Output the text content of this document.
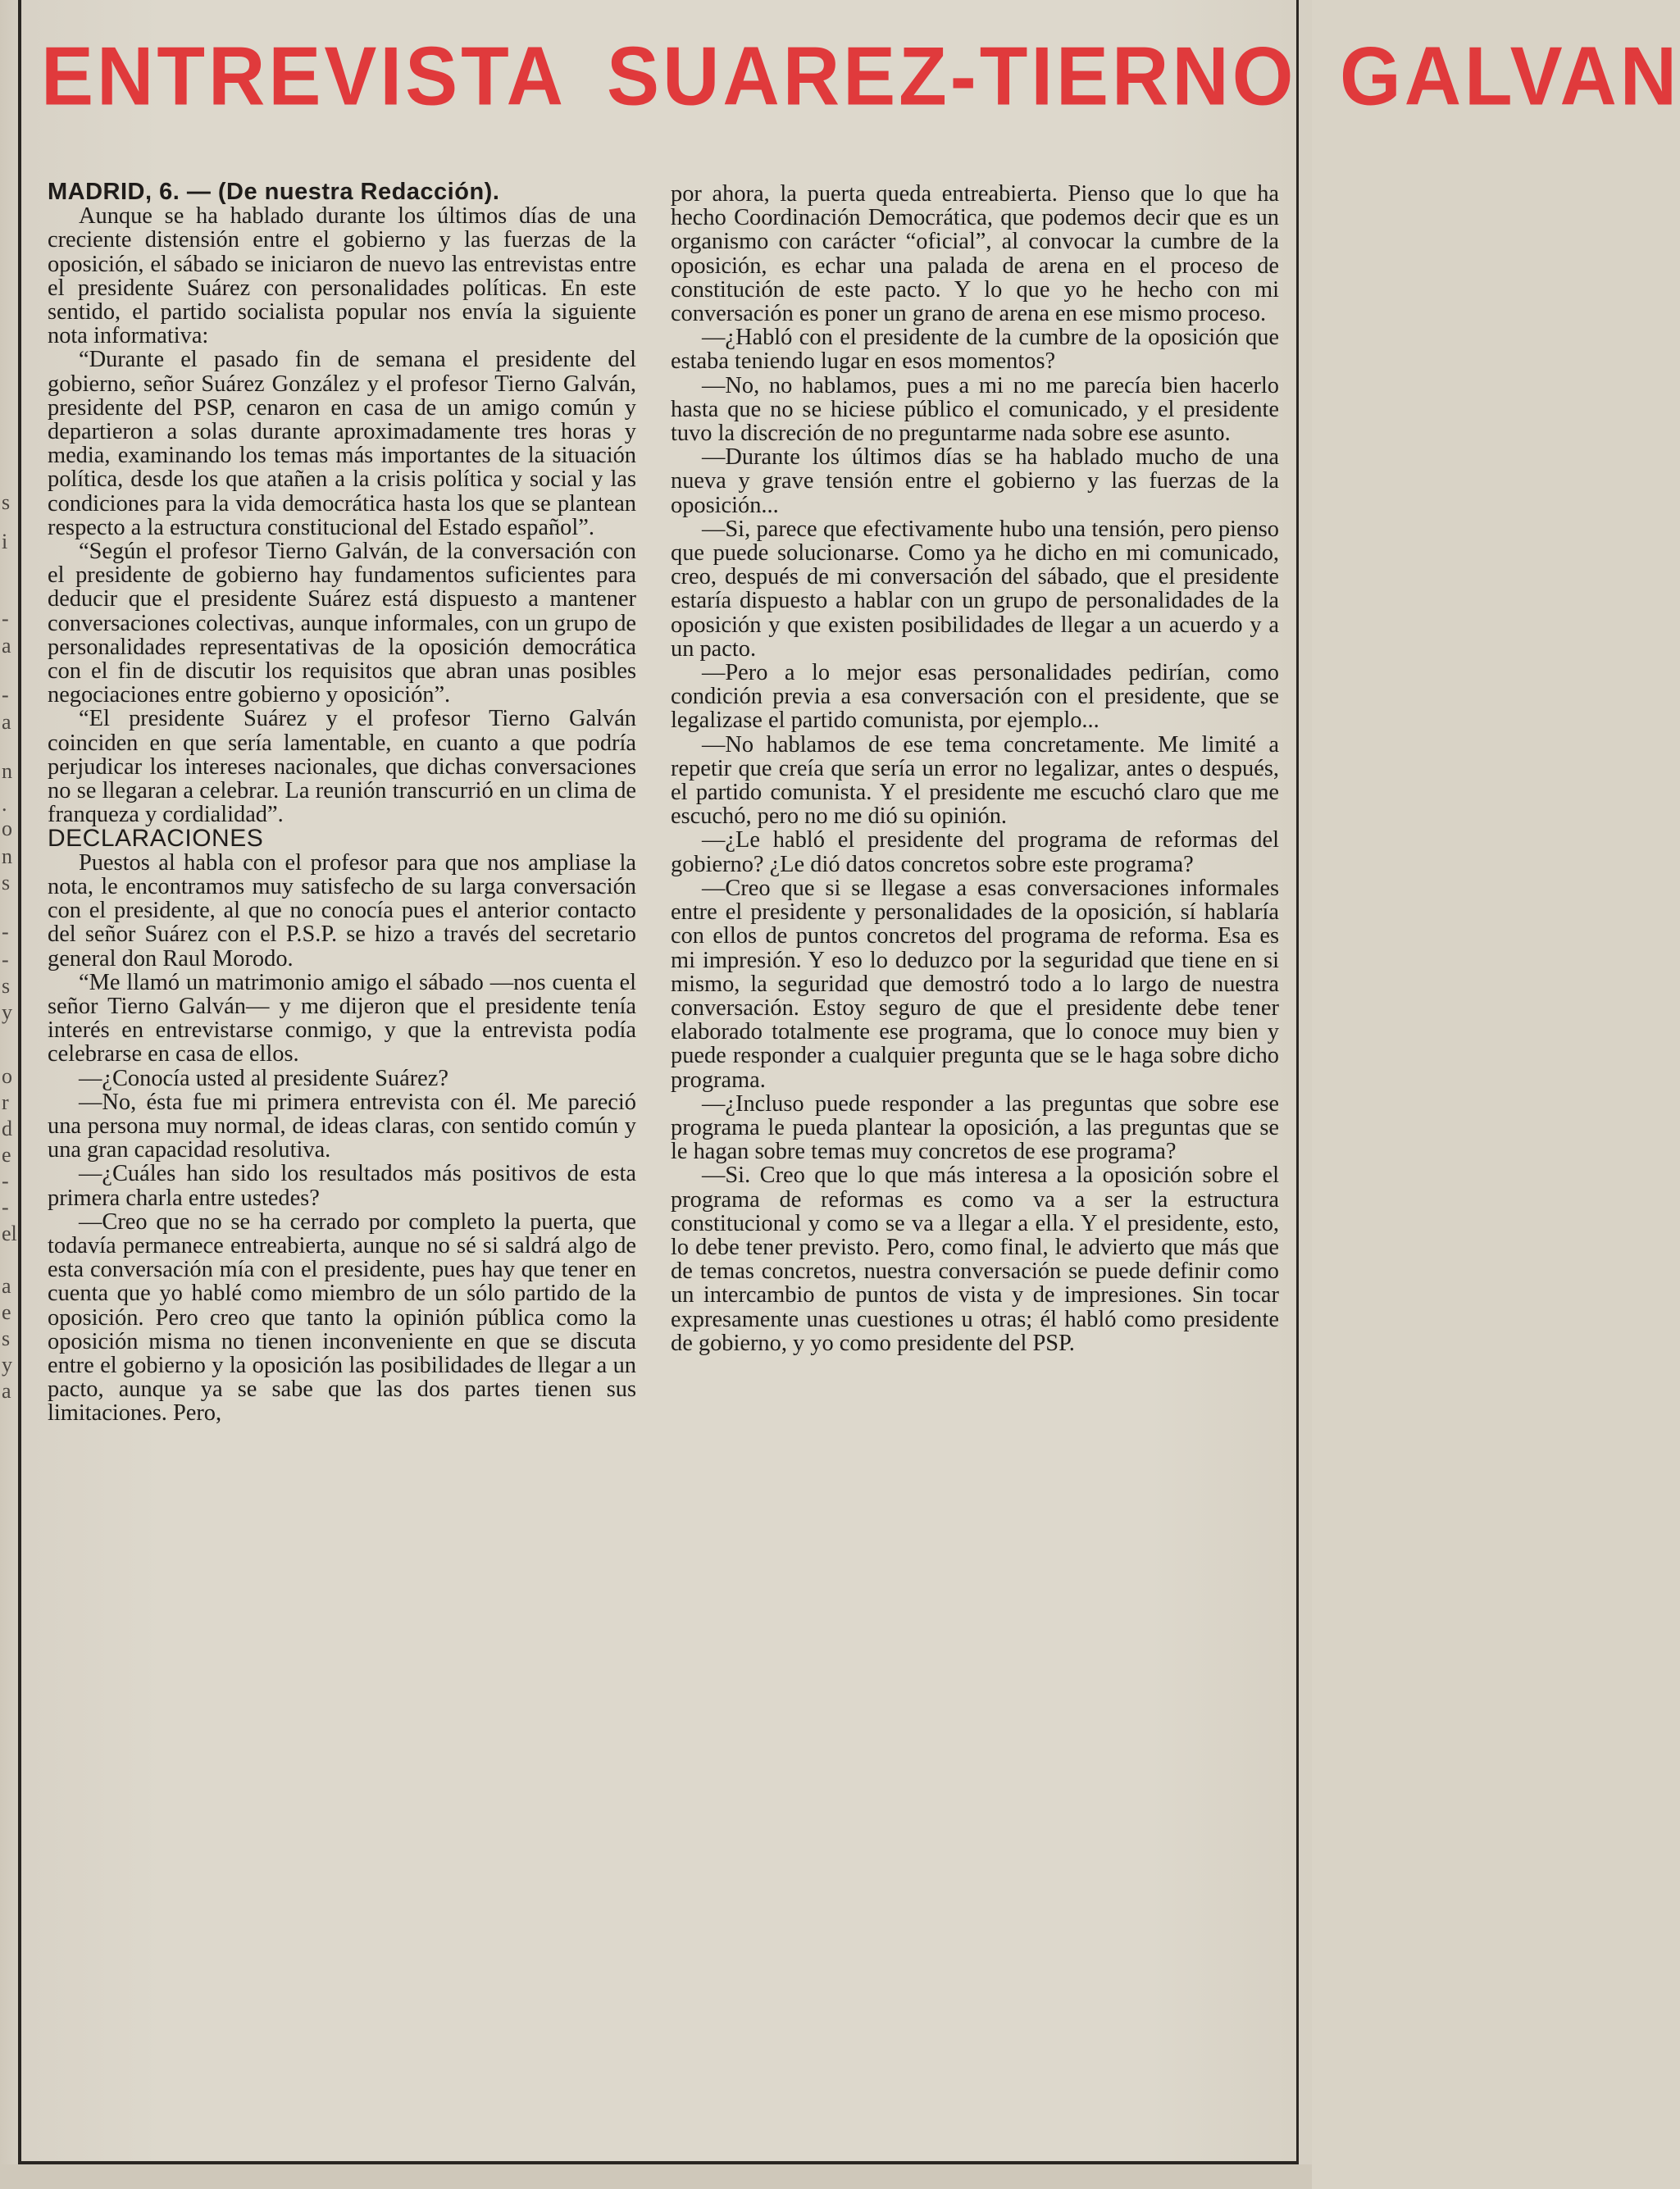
s
i
-
a
-
a
n
.
o
n
s
-
-
s
y
o
r
d
e
-
-
el
a
e
s
y
a
ENTREVISTA SUAREZ-TIERNO GALVAN

MADRID, 6. — (De nuestra Redacción).

Aunque se ha hablado durante los últimos días de una creciente distensión entre el gobierno y las fuerzas de la oposición, el sábado se iniciaron de nuevo las entrevistas entre el presidente Suárez con personalidades políticas. En este sentido, el partido socialista popular nos envía la siguiente nota informativa:

“Durante el pasado fin de semana el presidente del gobierno, señor Suárez González y el profesor Tierno Galván, presidente del PSP, cenaron en casa de un amigo común y departieron a solas durante aproximadamente tres horas y media, examinando los temas más importantes de la situación política, desde los que atañen a la crisis política y social y las condiciones para la vida democrática hasta los que se plantean respecto a la estructura constitucional del Estado español”.

“Según el profesor Tierno Galván, de la conversación con el presidente de gobierno hay fundamentos suficientes para deducir que el presidente Suárez está dispuesto a mantener conversaciones colectivas, aunque informales, con un grupo de personalidades representativas de la oposición democrática con el fin de discutir los requisitos que abran unas posibles negociaciones entre gobierno y oposición”.

“El presidente Suárez y el profesor Tierno Galván coinciden en que sería lamentable, en cuanto a que podría perjudicar los intereses nacionales, que dichas conversaciones no se llegaran a celebrar. La reunión transcurrió en un clima de franqueza y cordialidad”.

DECLARACIONES

Puestos al habla con el profesor para que nos ampliase la nota, le encontramos muy satisfecho de su larga conversación con el presidente, al que no conocía pues el anterior contacto del señor Suárez con el P.S.P. se hizo a través del secretario general don Raul Morodo.

“Me llamó un matrimonio amigo el sábado —nos cuenta el señor Tierno Galván— y me dijeron que el presidente tenía interés en entrevistarse conmigo, y que la entrevista podía celebrarse en casa de ellos.

—¿Conocía usted al presidente Suárez?

—No, ésta fue mi primera entrevista con él. Me pareció una persona muy normal, de ideas claras, con sentido común y una gran capacidad resolutiva.

—¿Cuáles han sido los resultados más positivos de esta primera charla entre ustedes?

—Creo que no se ha cerrado por completo la puerta, que todavía permanece entreabierta, aunque no sé si saldrá algo de esta conversación mía con el presidente, pues hay que tener en cuenta que yo hablé como miembro de un sólo partido de la oposición. Pero creo que tanto la opinión pública como la oposición misma no tienen inconveniente en que se discuta entre el gobierno y la oposición las posibilidades de llegar a un pacto, aunque ya se sabe que las dos partes tienen sus limitaciones. Pero,

por ahora, la puerta queda entreabierta. Pienso que lo que ha hecho Coordinación Democrática, que podemos decir que es un organismo con carácter “oficial”, al convocar la cumbre de la oposición, es echar una palada de arena en el proceso de constitución de este pacto. Y lo que yo he hecho con mi conversación es poner un grano de arena en ese mismo proceso.

—¿Habló con el presidente de la cumbre de la oposición que estaba teniendo lugar en esos momentos?

—No, no hablamos, pues a mi no me parecía bien hacerlo hasta que no se hiciese público el comunicado, y el presidente tuvo la discreción de no preguntarme nada sobre ese asunto.

—Durante los últimos días se ha hablado mucho de una nueva y grave tensión entre el gobierno y las fuerzas de la oposición...

—Si, parece que efectivamente hubo una tensión, pero pienso que puede solucionarse. Como ya he dicho en mi comunicado, creo, después de mi conversación del sábado, que el presidente estaría dispuesto a hablar con un grupo de personalidades de la oposición y que existen posibilidades de llegar a un acuerdo y a un pacto.

—Pero a lo mejor esas personalidades pedirían, como condición previa a esa conversación con el presidente, que se legalizase el partido comunista, por ejemplo...

—No hablamos de ese tema concretamente. Me limité a repetir que creía que sería un error no legalizar, antes o después, el partido comunista. Y el presidente me escuchó claro que me escuchó, pero no me dió su opinión.

—¿Le habló el presidente del programa de reformas del gobierno? ¿Le dió datos concretos sobre este programa?

—Creo que si se llegase a esas conversaciones informales entre el presidente y personalidades de la oposición, sí hablaría con ellos de puntos concretos del programa de reforma. Esa es mi impresión. Y eso lo deduzco por la seguridad que tiene en si mismo, la seguridad que demostró todo a lo largo de nuestra conversación. Estoy seguro de que el presidente debe tener elaborado totalmente ese programa, que lo conoce muy bien y puede responder a cualquier pregunta que se le haga sobre dicho programa.

—¿Incluso puede responder a las preguntas que sobre ese programa le pueda plantear la oposición, a las preguntas que se le hagan sobre temas muy concretos de ese programa?

—Si. Creo que lo que más interesa a la oposición sobre el programa de reformas es como va a ser la estructura constitucional y como se va a llegar a ella. Y el presidente, esto, lo debe tener previsto. Pero, como final, le advierto que más que de temas concretos, nuestra conversación se puede definir como un intercambio de puntos de vista y de impresiones. Sin tocar expresamente unas cuestiones u otras; él habló como presidente de gobierno, y yo como presidente del PSP.
